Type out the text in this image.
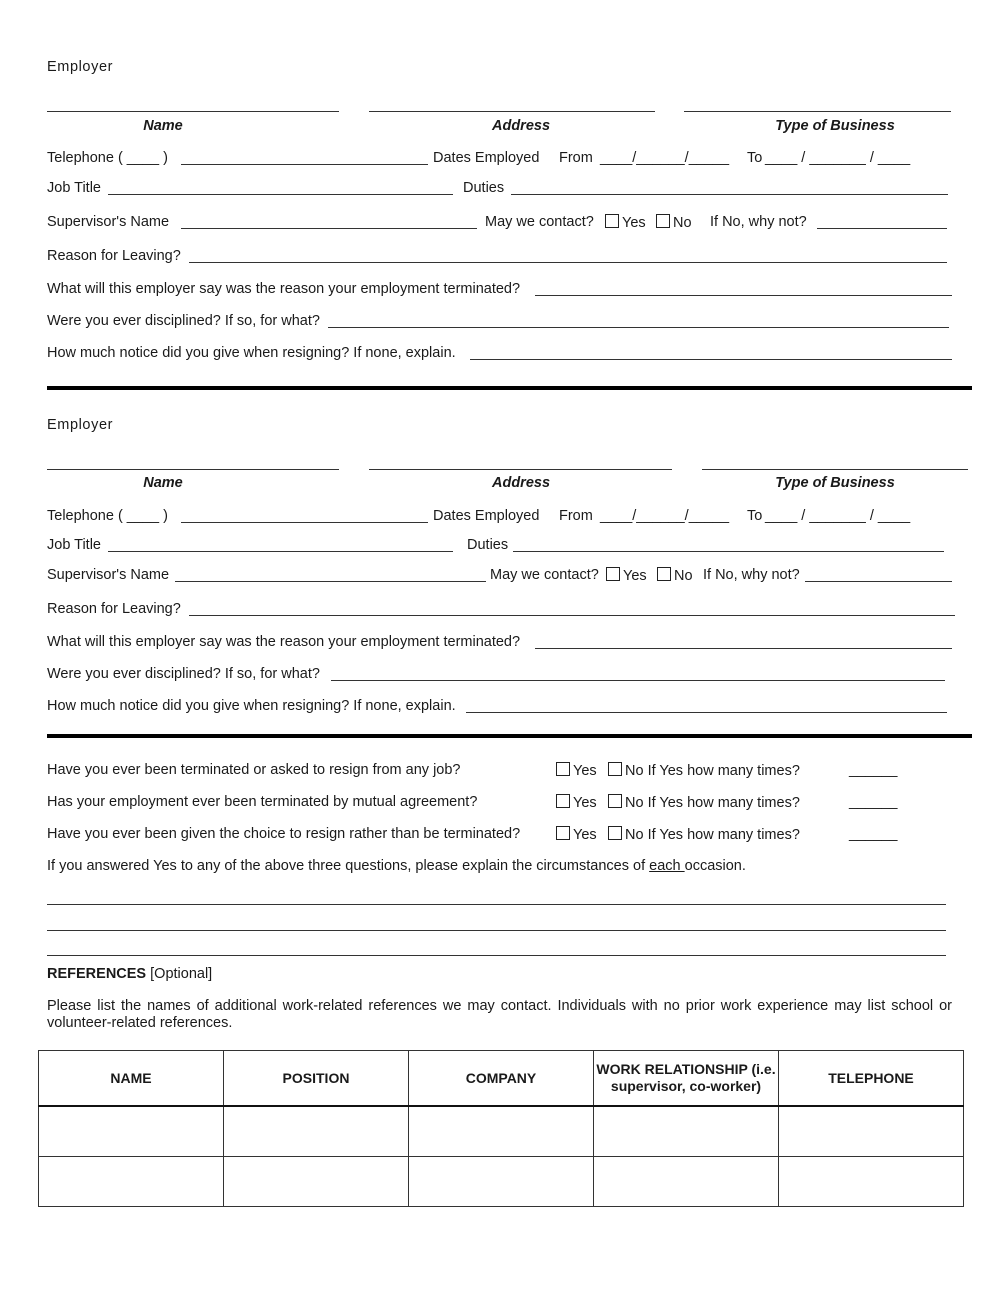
Employer
Name	Address	Type of Business
Telephone ( ____ )	Dates Employed From ____/______/_____ To ____ / _______ / ____
Job Title	Duties
Supervisor's Name	May we contact?	Yes	No If No, why not?
Reason for Leaving?
What will this employer say was the reason your employment terminated?
Were you ever disciplined? If so, for what?
How much notice did you give when resigning? If none, explain.
Employer
Name	Address	Type of Business
Telephone ( ____ )	Dates Employed From ____/______/_____ To ____ / _______ / ____
Job Title	Duties
Supervisor's Name	May we contact?	Yes	No If No, why not?
Reason for Leaving?
What will this employer say was the reason your employment terminated?
Were you ever disciplined? If so, for what?
How much notice did you give when resigning? If none, explain.
Have you ever been terminated or asked to resign from any job?	Yes	No If Yes how many times?	______
Has your employment ever been terminated by mutual agreement?	Yes	No If Yes how many times?	______
Have you ever been given the choice to resign rather than be terminated?	Yes	No If Yes how many times?	______
If you answered Yes to any of the above three questions, please explain the circumstances of each occasion.
REFERENCES [Optional]
Please list the names of additional work-related references we may contact. Individuals with no prior work experience may list school or volunteer-related references.
NAME	POSITION	COMPANY	WORK RELATIONSHIP (i.e. supervisor, co-worker)	TELEPHONE
